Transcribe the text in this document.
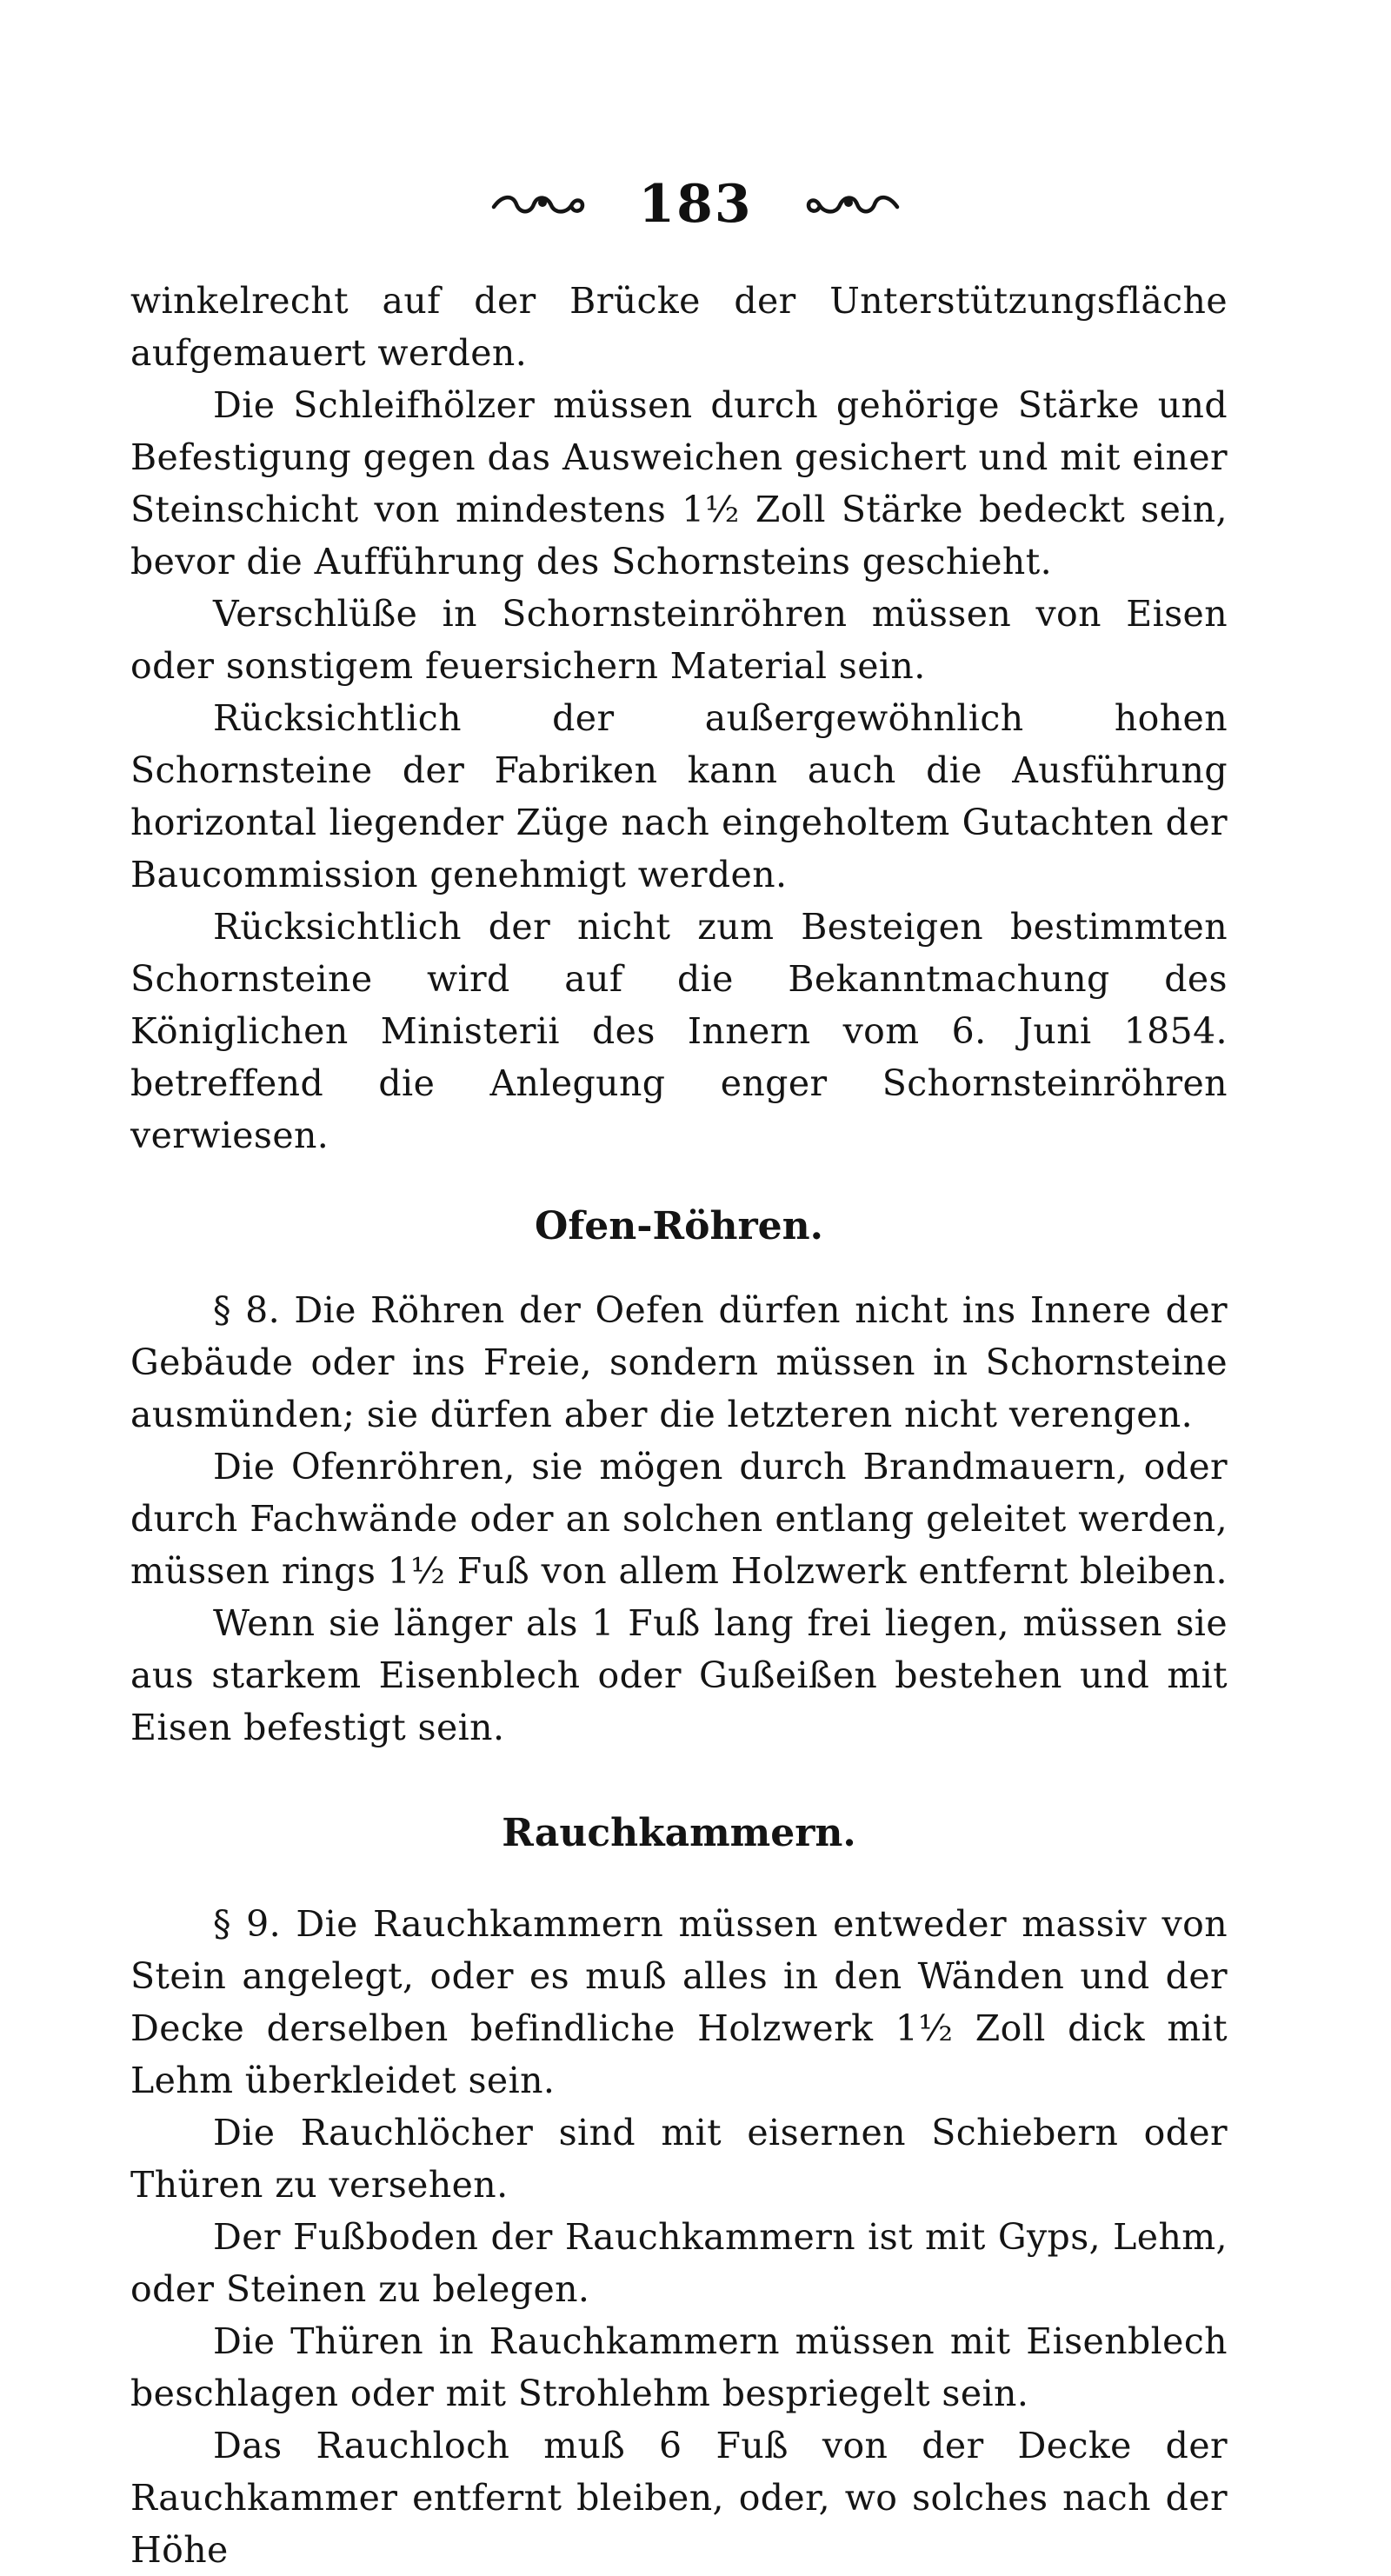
183

winkelrecht auf der Brücke der Unterstützungsfläche aufgemauert werden.

Die Schleifhölzer müssen durch gehörige Stärke und Befestigung gegen das Ausweichen gesichert und mit einer Steinschicht von mindestens 1½ Zoll Stärke bedeckt sein, bevor die Aufführung des Schornsteins geschieht.

Verschlüße in Schornsteinröhren müssen von Eisen oder sonstigem feuersichern Material sein.

Rücksichtlich der außergewöhnlich hohen Schornsteine der Fabriken kann auch die Ausführung horizontal liegender Züge nach eingeholtem Gutachten der Baucommission genehmigt werden.

Rücksichtlich der nicht zum Besteigen bestimmten Schornsteine wird auf die Bekanntmachung des Königlichen Ministerii des Innern vom 6. Juni 1854. betreffend die Anlegung enger Schornsteinröhren verwiesen.

Ofen-Röhren.

§ 8. Die Röhren der Oefen dürfen nicht ins Innere der Gebäude oder ins Freie, sondern müssen in Schornsteine ausmünden; sie dürfen aber die letzteren nicht verengen.

Die Ofenröhren, sie mögen durch Brandmauern, oder durch Fachwände oder an solchen entlang geleitet werden, müssen rings 1½ Fuß von allem Holzwerk entfernt bleiben.

Wenn sie länger als 1 Fuß lang frei liegen, müssen sie aus starkem Eisenblech oder Gußeißen bestehen und mit Eisen befestigt sein.

Rauchkammern.

§ 9. Die Rauchkammern müssen entweder massiv von Stein angelegt, oder es muß alles in den Wänden und der Decke derselben befindliche Holzwerk 1½ Zoll dick mit Lehm überkleidet sein.

Die Rauchlöcher sind mit eisernen Schiebern oder Thüren zu versehen.

Der Fußboden der Rauchkammern ist mit Gyps, Lehm, oder Steinen zu belegen.

Die Thüren in Rauchkammern müssen mit Eisenblech beschlagen oder mit Strohlehm bespriegelt sein.

Das Rauchloch muß 6 Fuß von der Decke der Rauchkammer entfernt bleiben, oder, wo solches nach der Höhe
